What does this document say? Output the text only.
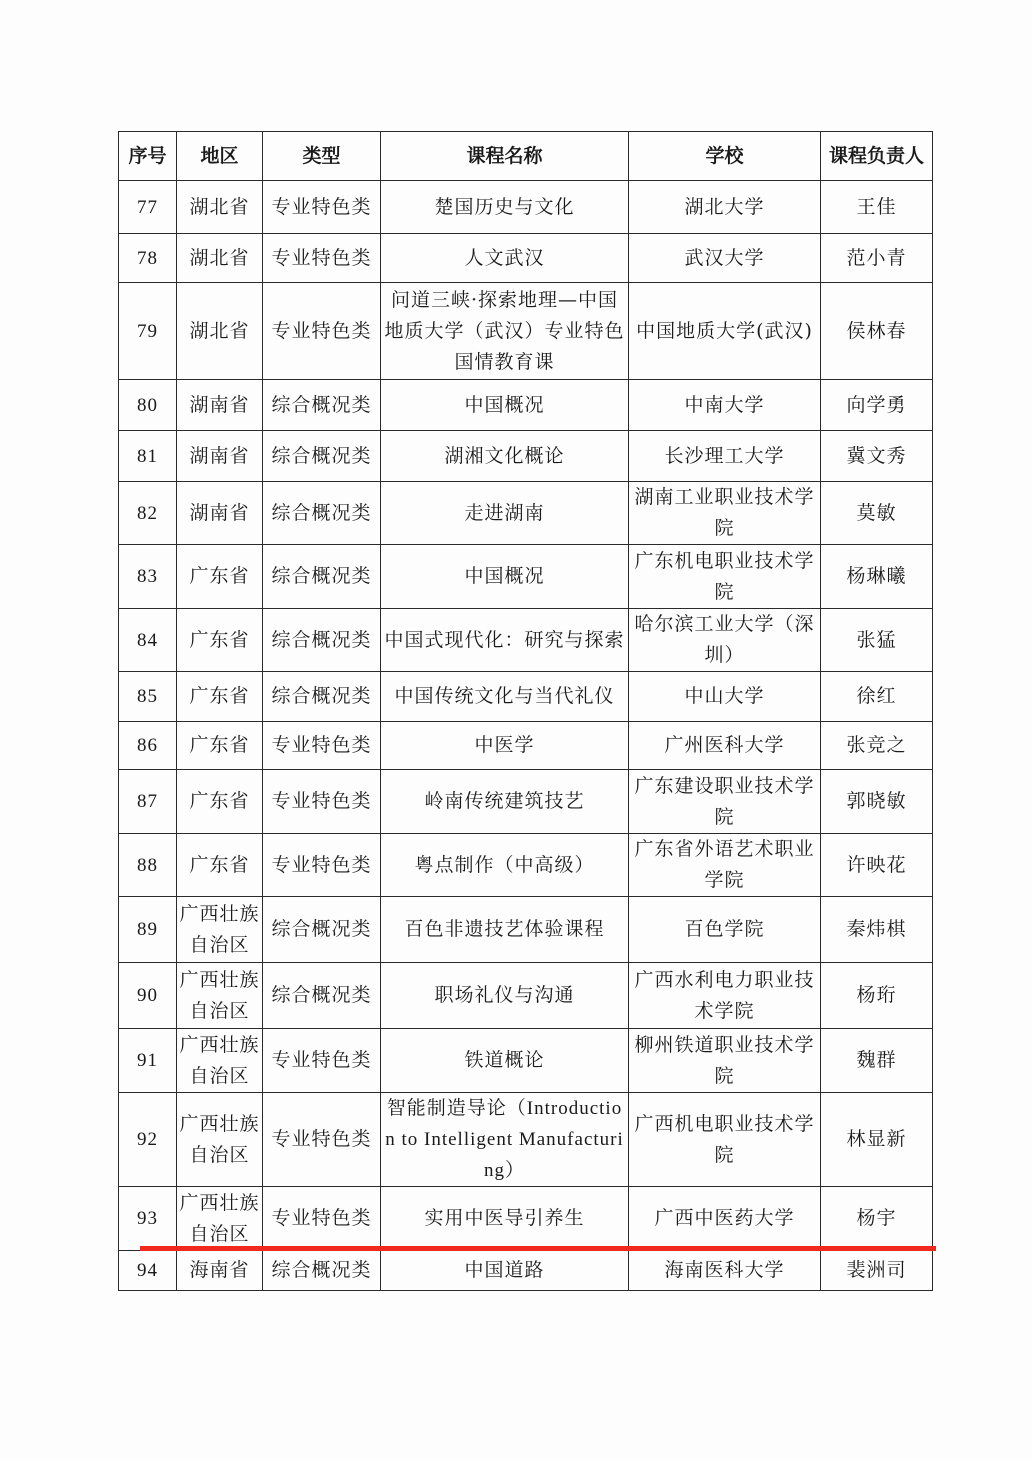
序号	地区	类型	课程名称	学校	课程负责人
77	湖北省	专业特色类	楚国历史与文化	湖北大学	王佳
78	湖北省	专业特色类	人文武汉	武汉大学	范小青
79	湖北省	专业特色类	问道三峡·探索地理—中国地质大学（武汉）专业特色国情教育课	中国地质大学(武汉)	侯林春
80	湖南省	综合概况类	中国概况	中南大学	向学勇
81	湖南省	综合概况类	湖湘文化概论	长沙理工大学	冀文秀
82	湖南省	综合概况类	走进湖南	湖南工业职业技术学院	莫敏
83	广东省	综合概况类	中国概况	广东机电职业技术学院	杨琳曦
84	广东省	综合概况类	中国式现代化：研究与探索	哈尔滨工业大学（深圳）	张猛
85	广东省	综合概况类	中国传统文化与当代礼仪	中山大学	徐红
86	广东省	专业特色类	中医学	广州医科大学	张竞之
87	广东省	专业特色类	岭南传统建筑技艺	广东建设职业技术学院	郭晓敏
88	广东省	专业特色类	粤点制作（中高级）	广东省外语艺术职业学院	许映花
89	广西壮族自治区	综合概况类	百色非遗技艺体验课程	百色学院	秦炜棋
90	广西壮族自治区	综合概况类	职场礼仪与沟通	广西水利电力职业技术学院	杨珩
91	广西壮族自治区	专业特色类	铁道概论	柳州铁道职业技术学院	魏群
92	广西壮族自治区	专业特色类	智能制造导论（Introduction to Intelligent Manufacturing）	广西机电职业技术学院	林显新
93	广西壮族自治区	专业特色类	实用中医导引养生	广西中医药大学	杨宇
94	海南省	综合概况类	中国道路	海南医科大学	裴洲司
